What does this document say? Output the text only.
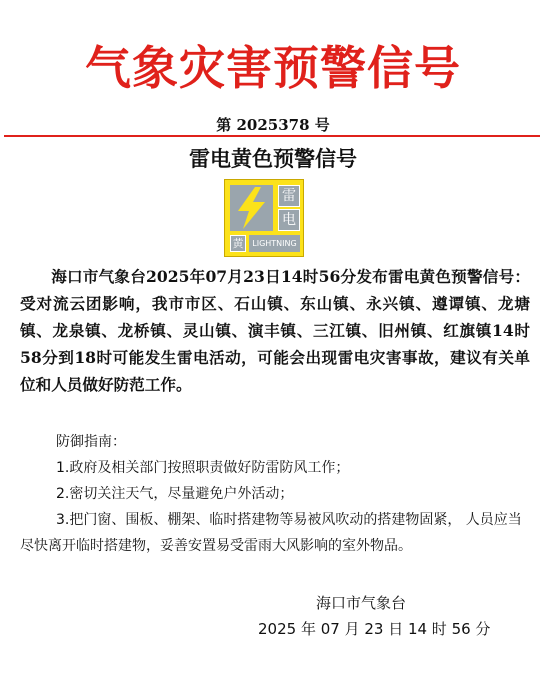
气象灾害预警信号
第 2025378 号
雷电黄色预警信号
雷
电
黄	LIGHTNING
海口市气象台2025年07月23日14时56分发布雷电黄色预警信号：受对流云团影响，我市市区、石山镇、东山镇、永兴镇、遵谭镇、龙塘镇、龙泉镇、龙桥镇、灵山镇、演丰镇、三江镇、旧州镇、红旗镇14时58分到18时可能发生雷电活动，可能会出现雷电灾害事故，建议有关单位和人员做好防范工作。
防御指南：
1.政府及相关部门按照职责做好防雷防风工作；
2.密切关注天气，尽量避免户外活动；
3.把门窗、围板、棚架、临时搭建物等易被风吹动的搭建物固紧， 人员应当尽快离开临时搭建物，妥善安置易受雷雨大风影响的室外物品。
海口市气象台
2025 年 07 月 23 日 14 时 56 分
